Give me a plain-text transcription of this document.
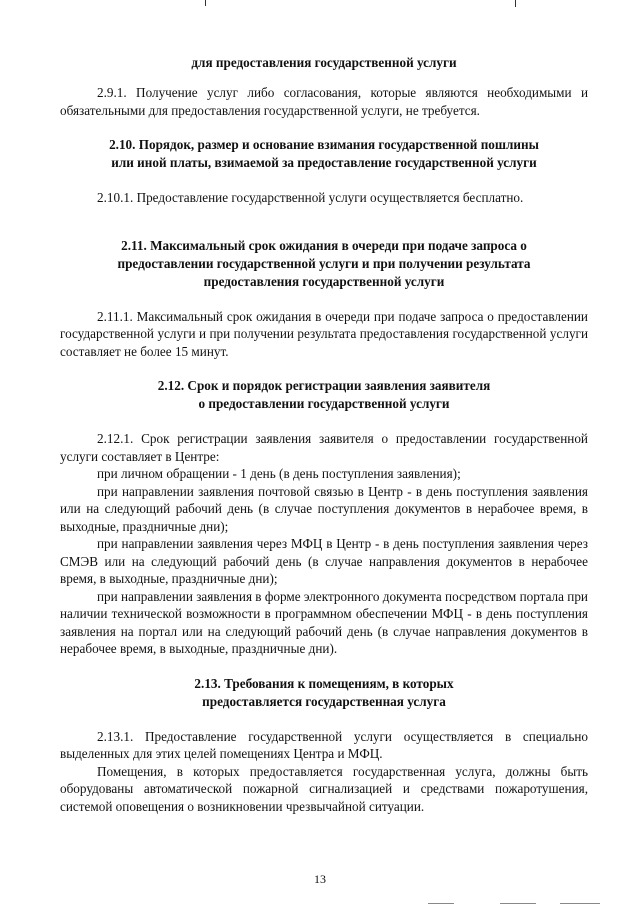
для предоставления государственной услуги

2.9.1. Получение услуг либо согласования, которые являются необходимыми и обязательными для предоставления государственной услуги, не требуется.

2.10. Порядок, размер и основание взимания государственной пошлины
или иной платы, взимаемой за предоставление государственной услуги

2.10.1. Предоставление государственной услуги осуществляется бесплатно.

2.11. Максимальный срок ожидания в очереди при подаче запроса о
предоставлении государственной услуги и при получении результата
предоставления государственной услуги

2.11.1. Максимальный срок ожидания в очереди при подаче запроса о предоставлении государственной услуги и при получении результата предоставления государственной услуги составляет не более 15 минут.

2.12. Срок и порядок регистрации заявления заявителя
о предоставлении государственной услуги

2.12.1. Срок регистрации заявления заявителя о предоставлении государственной услуги составляет в Центре:

при личном обращении - 1 день (в день поступления заявления);

при направлении заявления почтовой связью в Центр - в день поступления заявления или на следующий рабочий день (в случае поступления документов в нерабочее время, в выходные, праздничные дни);

при направлении заявления через МФЦ в Центр - в день поступления заявления через СМЭВ или на следующий рабочий день (в случае направления документов в нерабочее время, в выходные, праздничные дни);

при направлении заявления в форме электронного документа посредством портала при наличии технической возможности в программном обеспечении МФЦ - в день поступления заявления на портал или на следующий рабочий день (в случае направления документов в нерабочее время, в выходные, праздничные дни).

2.13. Требования к помещениям, в которых
предоставляется государственная услуга

2.13.1. Предоставление государственной услуги осуществляется в специально выделенных для этих целей помещениях Центра и МФЦ.

Помещения, в которых предоставляется государственная услуга, должны быть оборудованы автоматической пожарной сигнализацией и средствами пожаротушения, системой оповещения о возникновении чрезвычайной ситуации.

13
